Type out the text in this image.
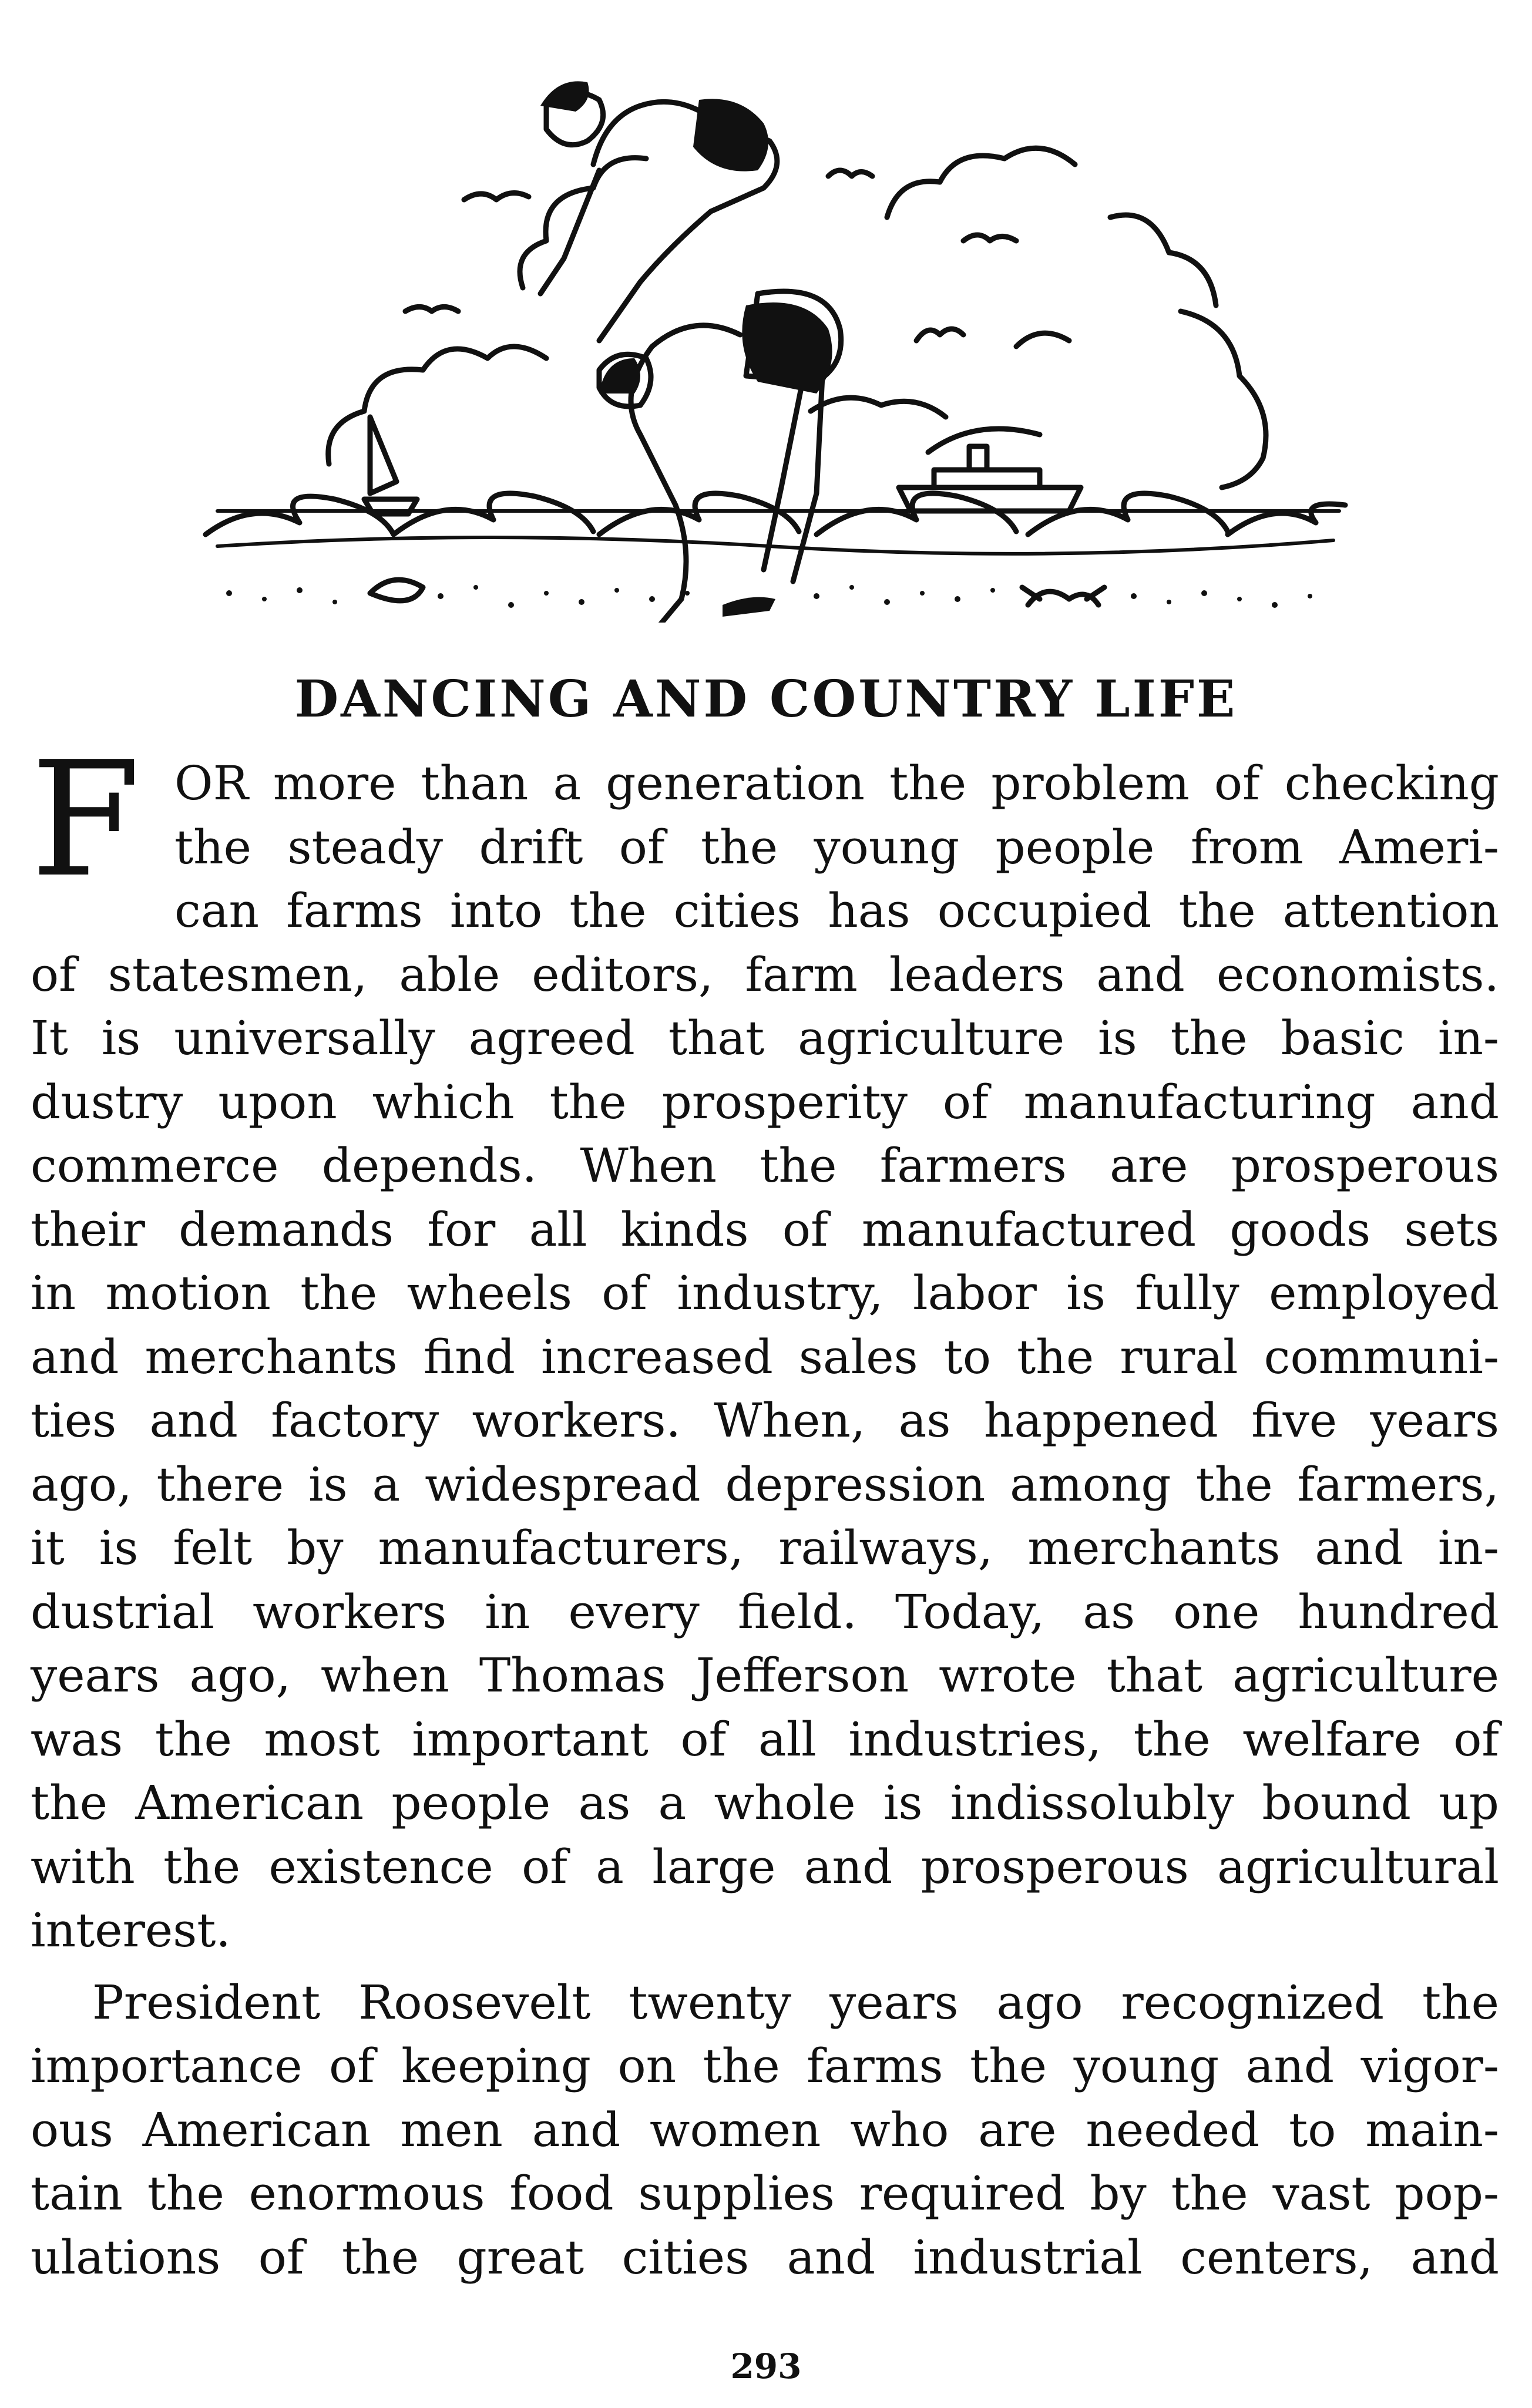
DANCING AND COUNTRY LIFE
F OR more than a generation the problem of checking
the steady drift of the young people from Ameri-
can farms into the cities has occupied the attention
of statesmen, able editors, farm leaders and economists.
It is universally agreed that agriculture is the basic in-
dustry upon which the prosperity of manufacturing and
commerce depends. When the farmers are prosperous
their demands for all kinds of manufactured goods sets
in motion the wheels of industry, labor is fully employed
and merchants find increased sales to the rural communi-
ties and factory workers. When, as happened five years
ago, there is a widespread depression among the farmers,
it is felt by manufacturers, railways, merchants and in-
dustrial workers in every field. Today, as one hundred
years ago, when Thomas Jefferson wrote that agriculture
was the most important of all industries, the welfare of
the American people as a whole is indissolubly bound up
with the existence of a large and prosperous agricultural
interest.
President Roosevelt twenty years ago recognized the
importance of keeping on the farms the young and vigor-
ous American men and women who are needed to main-
tain the enormous food supplies required by the vast pop-
ulations of the great cities and industrial centers, and
293
